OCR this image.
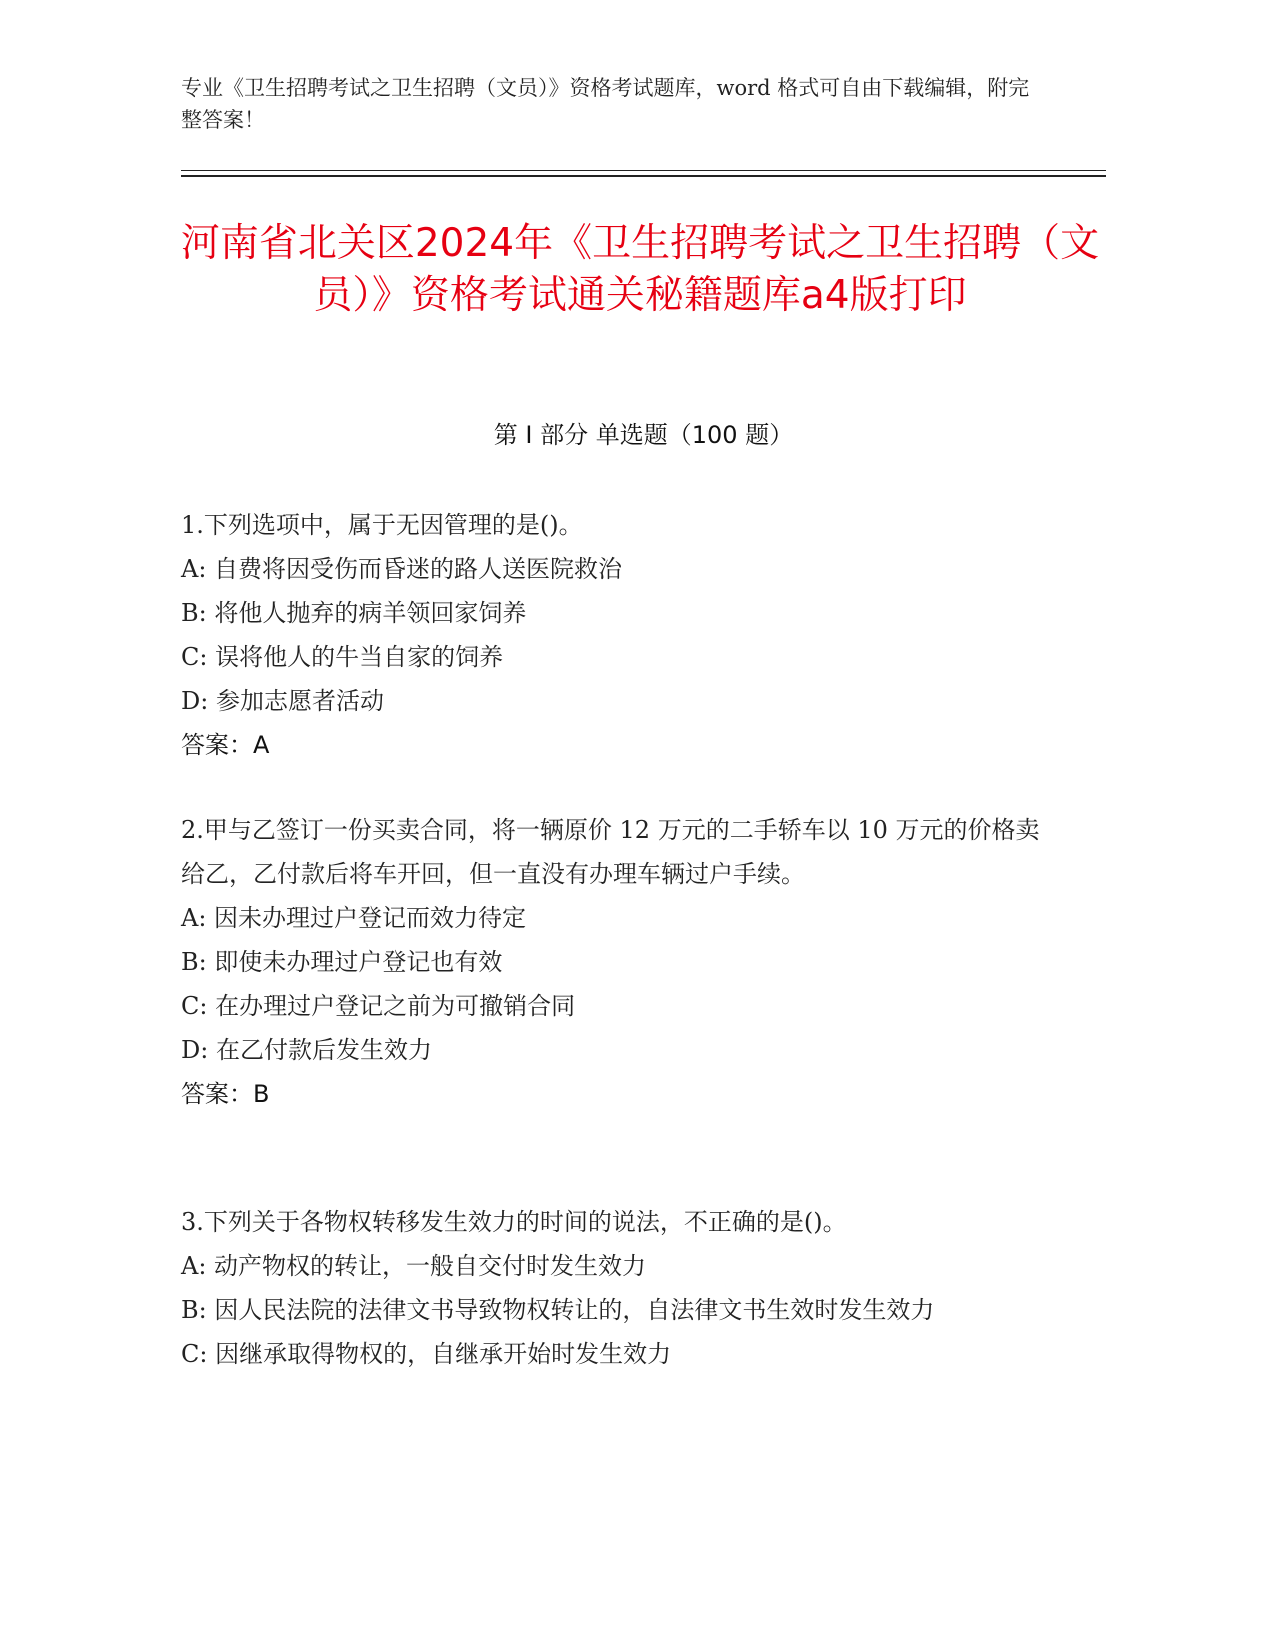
专业《卫生招聘考试之卫生招聘（文员）》资格考试题库，word 格式可自由下载编辑，附完整答案！
河南省北关区2024年《卫生招聘考试之卫生招聘（文员）》资格考试通关秘籍题库a4版打印
第 I 部分 单选题（100 题）
1.下列选项中，属于无因管理的是()。
A: 自费将因受伤而昏迷的路人送医院救治
B: 将他人抛弃的病羊领回家饲养
C: 误将他人的牛当自家的饲养
D: 参加志愿者活动
答案：A
2.甲与乙签订一份买卖合同，将一辆原价 12 万元的二手轿车以 10 万元的价格卖给乙，乙付款后将车开回，但一直没有办理车辆过户手续。
A: 因未办理过户登记而效力待定
B: 即使未办理过户登记也有效
C: 在办理过户登记之前为可撤销合同
D: 在乙付款后发生效力
答案：B
3.下列关于各物权转移发生效力的时间的说法，不正确的是()。
A: 动产物权的转让，一般自交付时发生效力
B: 因人民法院的法律文书导致物权转让的，自法律文书生效时发生效力
C: 因继承取得物权的，自继承开始时发生效力
